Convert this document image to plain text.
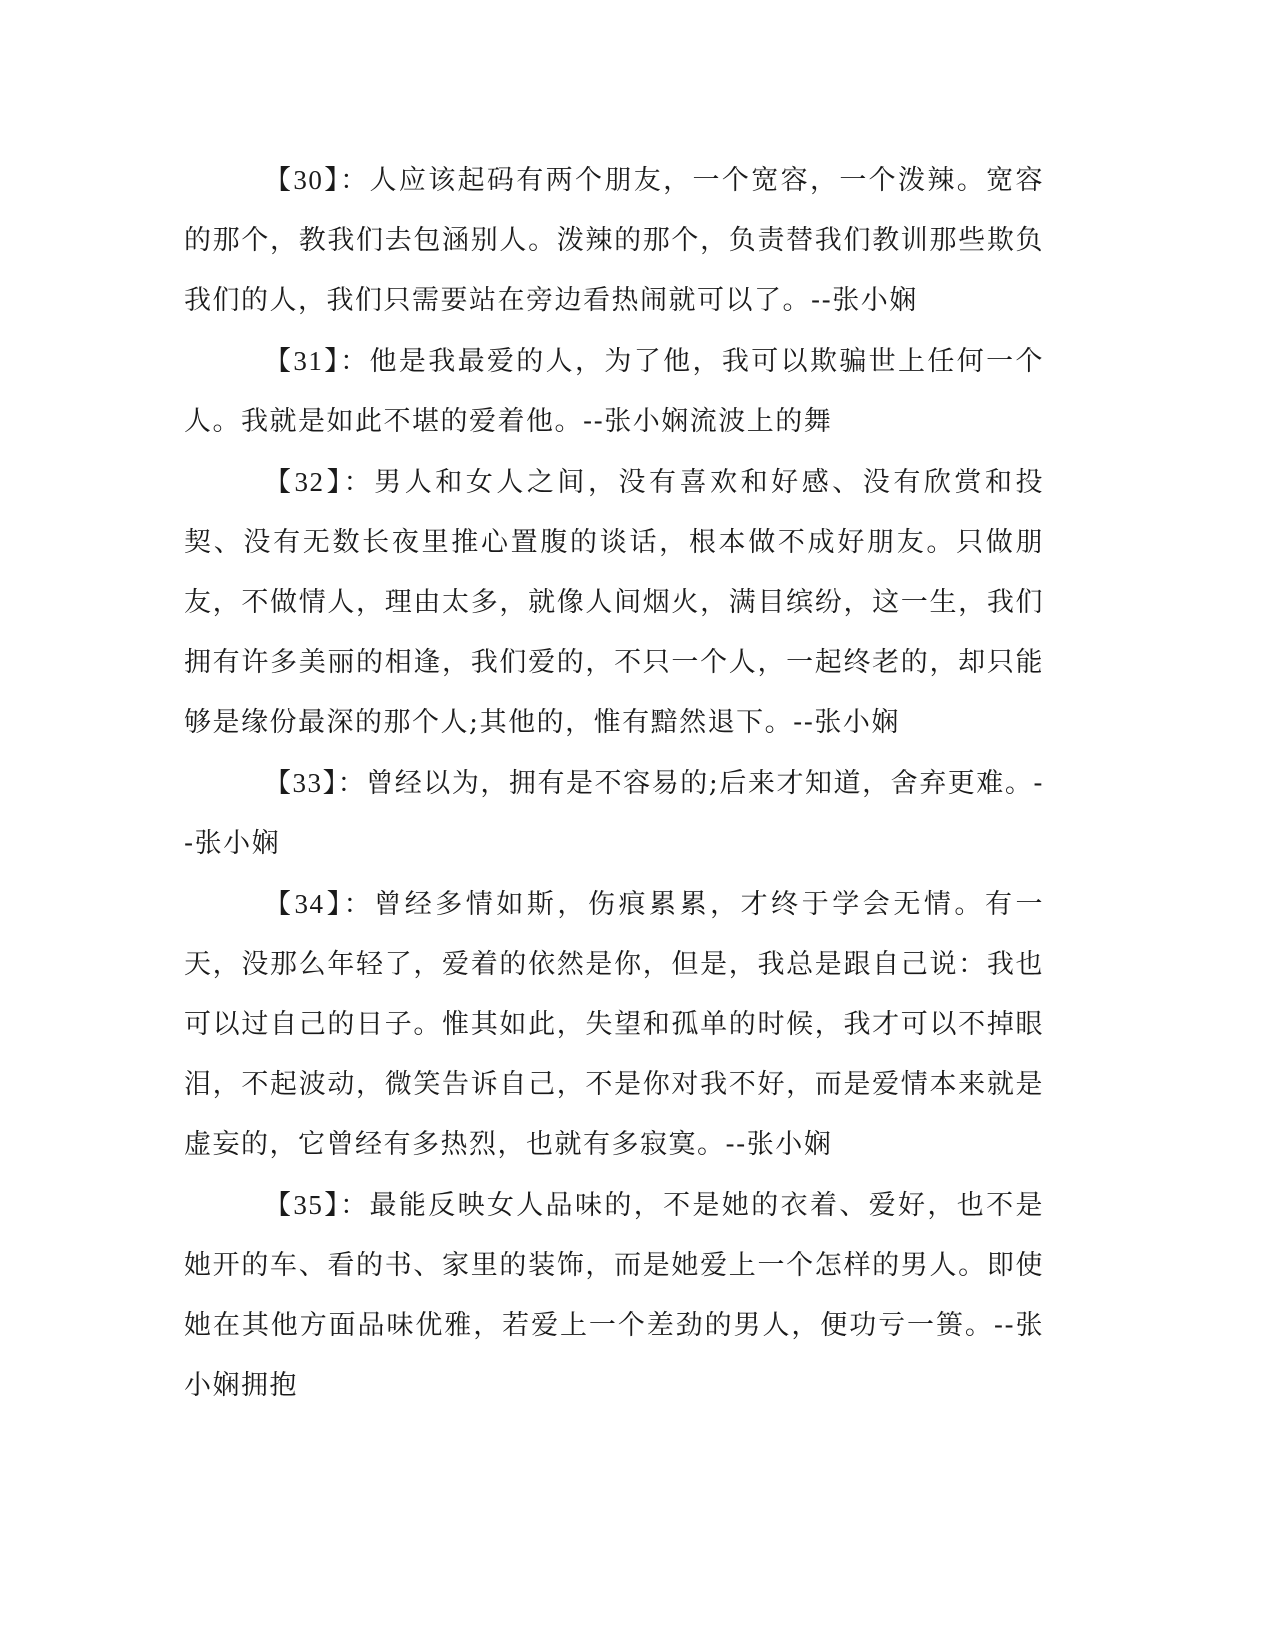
【30】：人应该起码有两个朋友，一个宽容，一个泼辣。宽容的那个，教我们去包涵别人。泼辣的那个，负责替我们教训那些欺负我们的人，我们只需要站在旁边看热闹就可以了。--张小娴

【31】：他是我最爱的人，为了他，我可以欺骗世上任何一个人。我就是如此不堪的爱着他。--张小娴流波上的舞

【32】：男人和女人之间，没有喜欢和好感、没有欣赏和投契、没有无数长夜里推心置腹的谈话，根本做不成好朋友。只做朋友，不做情人，理由太多，就像人间烟火，满目缤纷，这一生，我们拥有许多美丽的相逢，我们爱的，不只一个人，一起终老的，却只能够是缘份最深的那个人;其他的，惟有黯然退下。--张小娴

【33】：曾经以为，拥有是不容易的;后来才知道，舍弃更难。--张小娴

【34】：曾经多情如斯，伤痕累累，才终于学会无情。有一天，没那么年轻了，爱着的依然是你，但是，我总是跟自己说：我也可以过自己的日子。惟其如此，失望和孤单的时候，我才可以不掉眼泪，不起波动，微笑告诉自己，不是你对我不好，而是爱情本来就是虚妄的，它曾经有多热烈，也就有多寂寞。--张小娴

【35】：最能反映女人品味的，不是她的衣着、爱好，也不是她开的车、看的书、家里的装饰，而是她爱上一个怎样的男人。即使她在其他方面品味优雅，若爱上一个差劲的男人，便功亏一篑。--张小娴拥抱
